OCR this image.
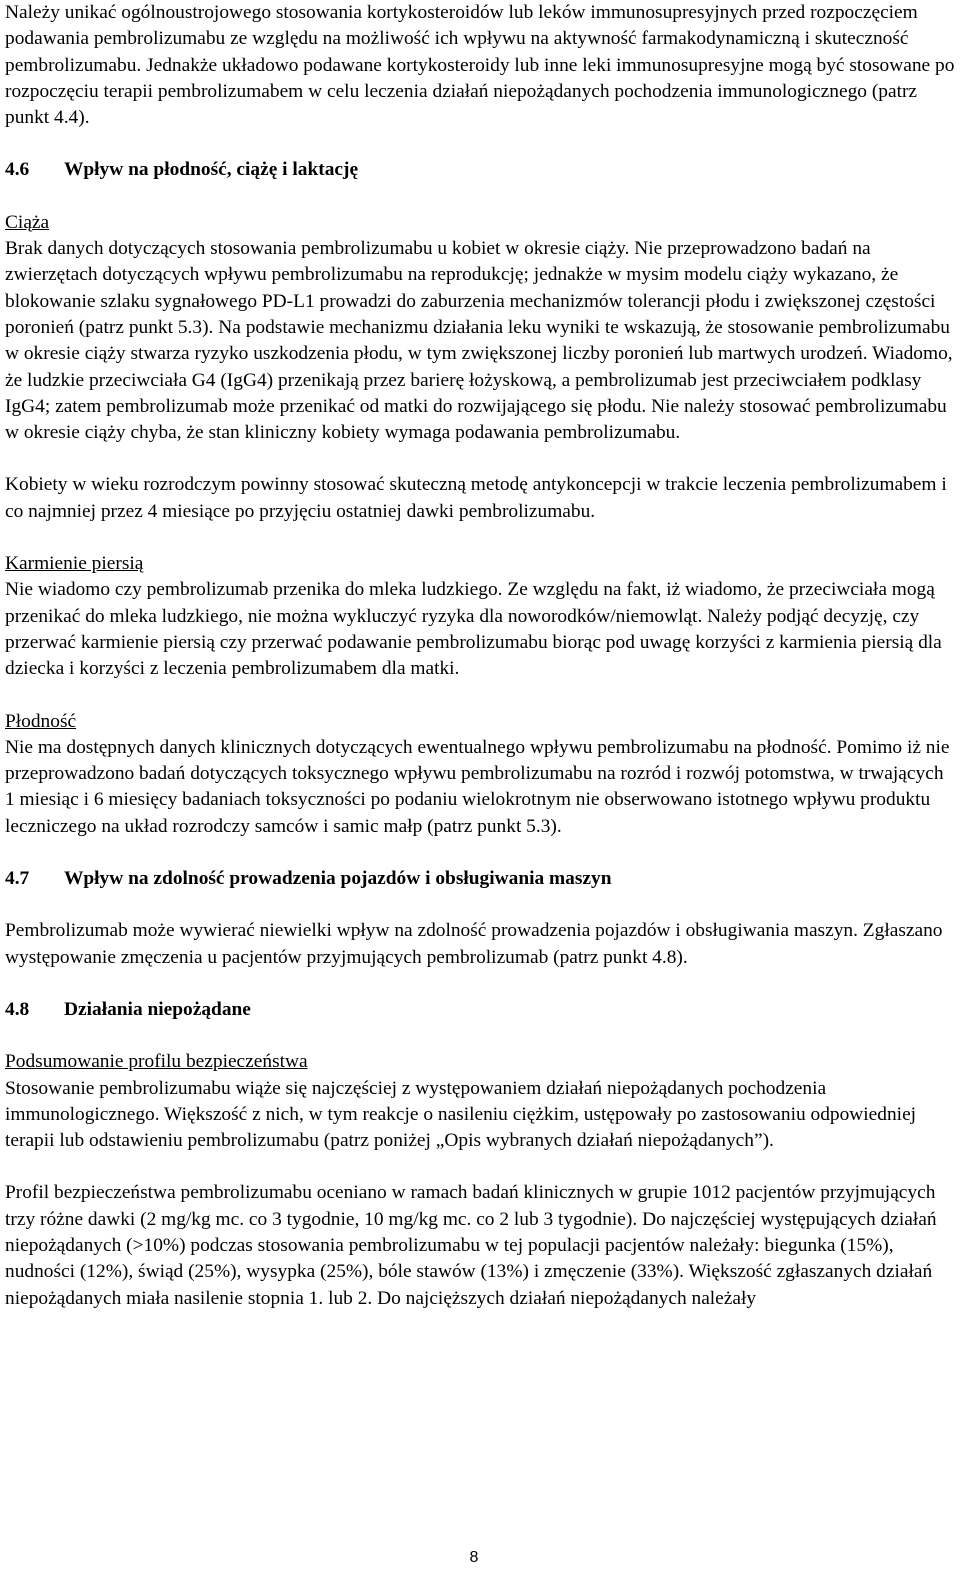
Należy unikać ogólnoustrojowego stosowania kortykosteroidów lub leków immunosupresyjnych przed rozpoczęciem podawania pembrolizumabu ze względu na możliwość ich wpływu na aktywność farmakodynamiczną i skuteczność pembrolizumabu. Jednakże układowo podawane kortykosteroidy lub inne leki immunosupresyjne mogą być stosowane po rozpoczęciu terapii pembrolizumabem w celu leczenia działań niepożądanych pochodzenia immunologicznego (patrz punkt 4.4).

4.6 Wpływ na płodność, ciążę i laktację

Ciąża

Brak danych dotyczących stosowania pembrolizumabu u kobiet w okresie ciąży. Nie przeprowadzono badań na zwierzętach dotyczących wpływu pembrolizumabu na reprodukcję; jednakże w mysim modelu ciąży wykazano, że blokowanie szlaku sygnałowego PD-L1 prowadzi do zaburzenia mechanizmów tolerancji płodu i zwiększonej częstości poronień (patrz punkt 5.3). Na podstawie mechanizmu działania leku wyniki te wskazują, że stosowanie pembrolizumabu w okresie ciąży stwarza ryzyko uszkodzenia płodu, w tym zwiększonej liczby poronień lub martwych urodzeń. Wiadomo, że ludzkie przeciwciała G4 (IgG4) przenikają przez barierę łożyskową, a pembrolizumab jest przeciwciałem podklasy IgG4; zatem pembrolizumab może przenikać od matki do rozwijającego się płodu. Nie należy stosować pembrolizumabu w okresie ciąży chyba, że stan kliniczny kobiety wymaga podawania pembrolizumabu.

Kobiety w wieku rozrodczym powinny stosować skuteczną metodę antykoncepcji w trakcie leczenia pembrolizumabem i co najmniej przez 4 miesiące po przyjęciu ostatniej dawki pembrolizumabu.

Karmienie piersią

Nie wiadomo czy pembrolizumab przenika do mleka ludzkiego. Ze względu na fakt, iż wiadomo, że przeciwciała mogą przenikać do mleka ludzkiego, nie można wykluczyć ryzyka dla noworodków/niemowląt. Należy podjąć decyzję, czy przerwać karmienie piersią czy przerwać podawanie pembrolizumabu biorąc pod uwagę korzyści z karmienia piersią dla dziecka i korzyści z leczenia pembrolizumabem dla matki.

Płodność

Nie ma dostępnych danych klinicznych dotyczących ewentualnego wpływu pembrolizumabu na płodność. Pomimo iż nie przeprowadzono badań dotyczących toksycznego wpływu pembrolizumabu na rozród i rozwój potomstwa, w trwających 1 miesiąc i 6 miesięcy badaniach toksyczności po podaniu wielokrotnym nie obserwowano istotnego wpływu produktu leczniczego na układ rozrodczy samców i samic małp (patrz punkt 5.3).

4.7 Wpływ na zdolność prowadzenia pojazdów i obsługiwania maszyn

Pembrolizumab może wywierać niewielki wpływ na zdolność prowadzenia pojazdów i obsługiwania maszyn. Zgłaszano występowanie zmęczenia u pacjentów przyjmujących pembrolizumab (patrz punkt 4.8).

4.8 Działania niepożądane

Podsumowanie profilu bezpieczeństwa

Stosowanie pembrolizumabu wiąże się najczęściej z występowaniem działań niepożądanych pochodzenia immunologicznego. Większość z nich, w tym reakcje o nasileniu ciężkim, ustępowały po zastosowaniu odpowiedniej terapii lub odstawieniu pembrolizumabu (patrz poniżej „Opis wybranych działań niepożądanych”).

Profil bezpieczeństwa pembrolizumabu oceniano w ramach badań klinicznych w grupie 1012 pacjentów przyjmujących trzy różne dawki (2 mg/kg mc. co 3 tygodnie, 10 mg/kg mc. co 2 lub 3 tygodnie). Do najczęściej występujących działań niepożądanych (>10%) podczas stosowania pembrolizumabu w tej populacji pacjentów należały: biegunka (15%), nudności (12%), świąd (25%), wysypka (25%), bóle stawów (13%) i zmęczenie (33%). Większość zgłaszanych działań niepożądanych miała nasilenie stopnia 1. lub 2. Do najcięższych działań niepożądanych należały

8
